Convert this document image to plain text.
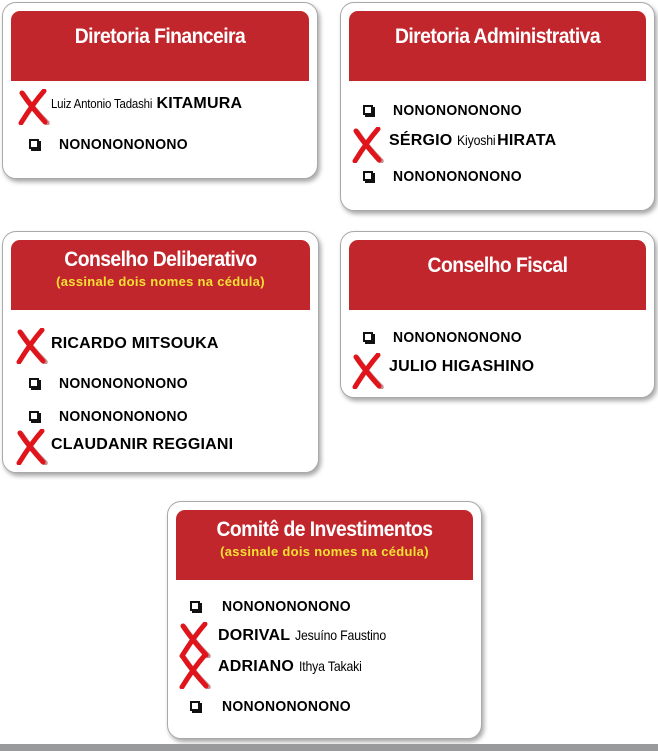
Diretoria Financeira
Luiz Antonio Tadashi KITAMURA
NONONONONONO
Diretoria Administrativa
NONONONONONO
SÉRGIO Kiyoshi HIRATA
NONONONONONO
Conselho Deliberativo
(assinale dois nomes na cédula)
RICARDO MITSOUKA
NONONONONONO
NONONONONONO
CLAUDANIR REGGIANI
Conselho Fiscal
NONONONONONO
JULIO HIGASHINO
Comitê de Investimentos
(assinale dois nomes na cédula)
NONONONONONO
DORIVAL Jesuíno Faustino
ADRIANO Ithya Takaki
NONONONONONO
